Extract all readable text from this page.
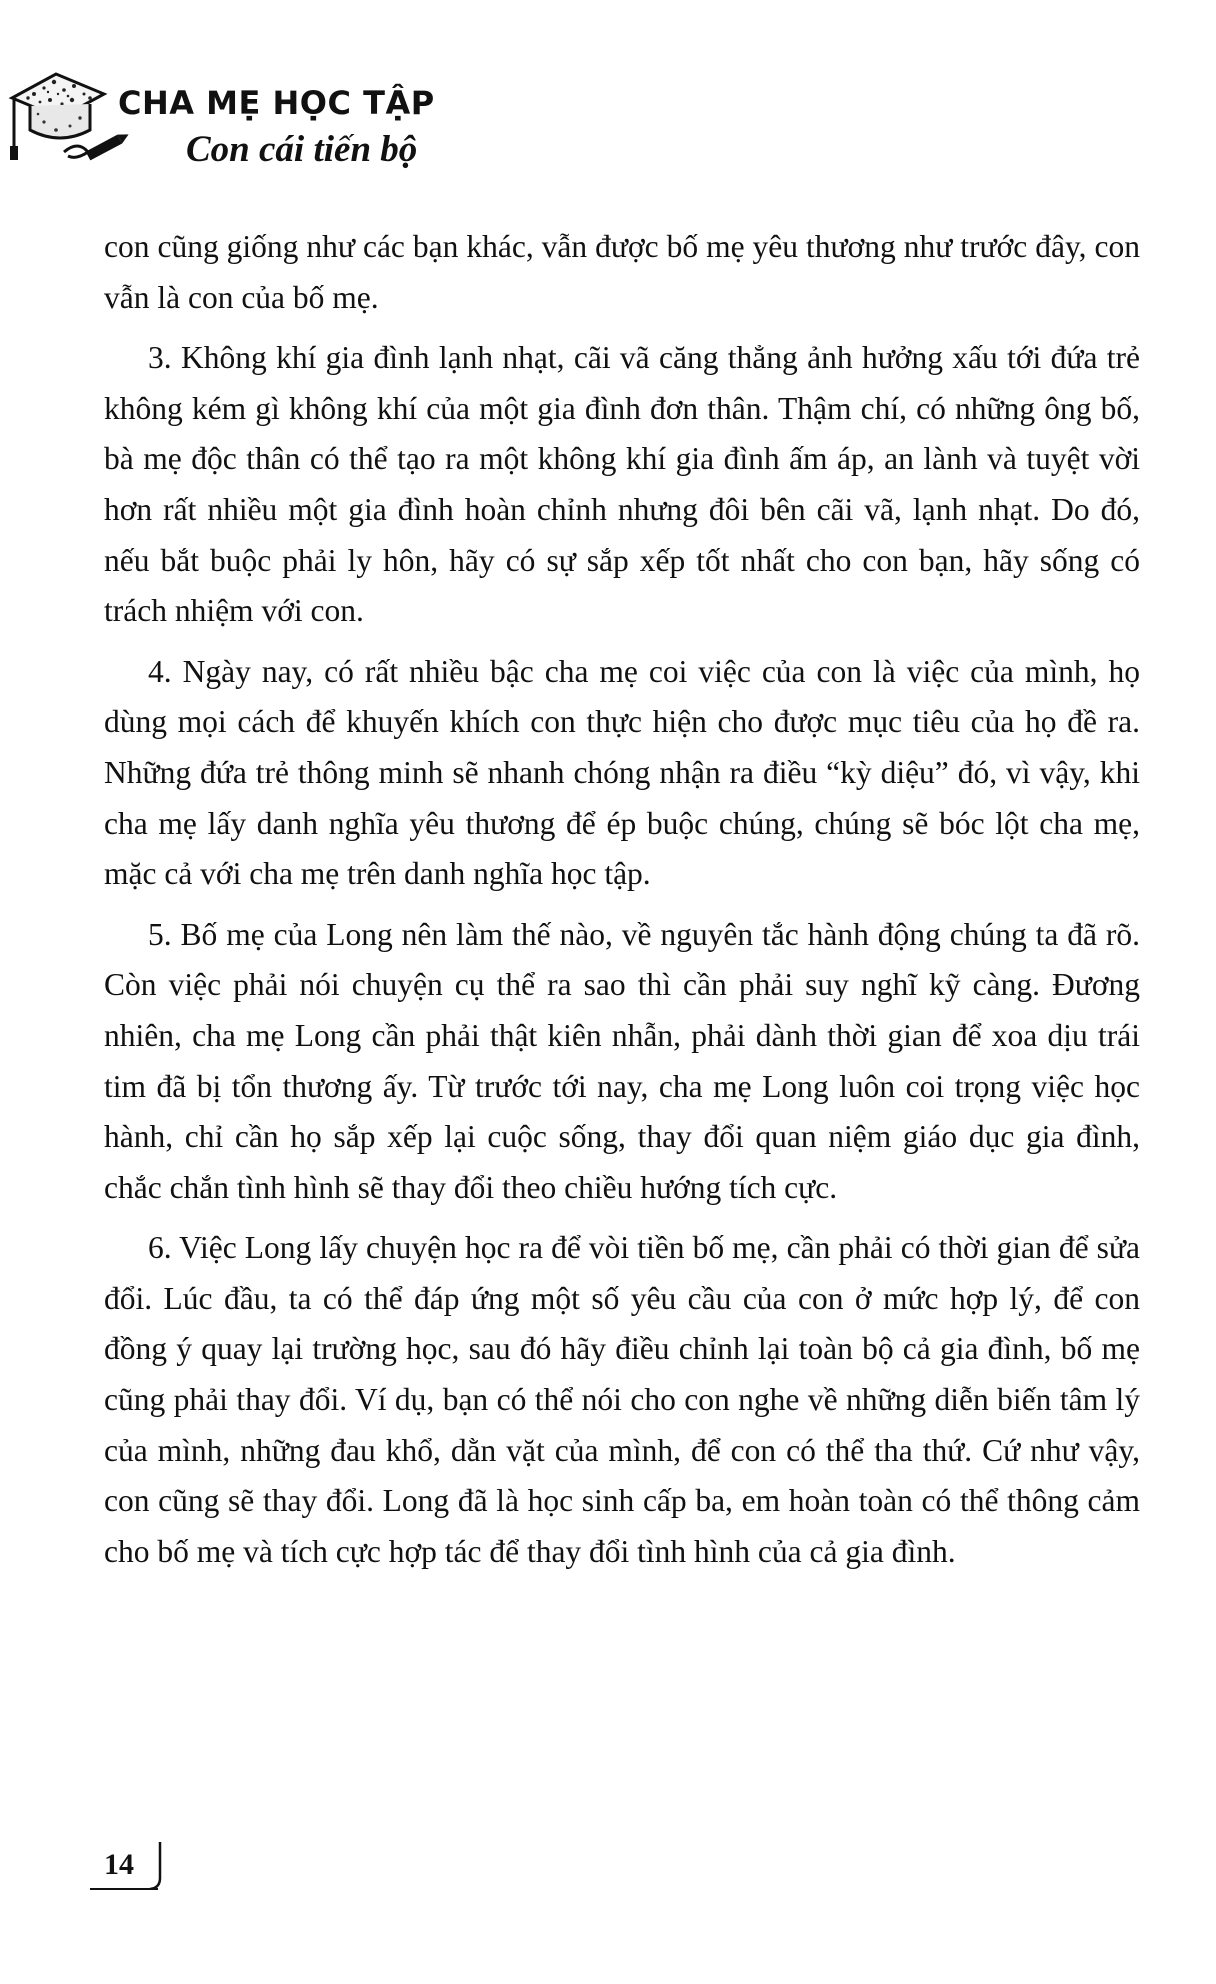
CHA MẸ HỌC TẬP
Con cái tiến bộ

con cũng giống như các bạn khác, vẫn được bố mẹ yêu thương như trước đây, con vẫn là con của bố mẹ.

3. Không khí gia đình lạnh nhạt, cãi vã căng thẳng ảnh hưởng xấu tới đứa trẻ không kém gì không khí của một gia đình đơn thân. Thậm chí, có những ông bố, bà mẹ độc thân có thể tạo ra một không khí gia đình ấm áp, an lành và tuyệt vời hơn rất nhiều một gia đình hoàn chỉnh nhưng đôi bên cãi vã, lạnh nhạt. Do đó, nếu bắt buộc phải ly hôn, hãy có sự sắp xếp tốt nhất cho con bạn, hãy sống có trách nhiệm với con.

4. Ngày nay, có rất nhiều bậc cha mẹ coi việc của con là việc của mình, họ dùng mọi cách để khuyến khích con thực hiện cho được mục tiêu của họ đề ra. Những đứa trẻ thông minh sẽ nhanh chóng nhận ra điều “kỳ diệu” đó, vì vậy, khi cha mẹ lấy danh nghĩa yêu thương để ép buộc chúng, chúng sẽ bóc lột cha mẹ, mặc cả với cha mẹ trên danh nghĩa học tập.

5. Bố mẹ của Long nên làm thế nào, về nguyên tắc hành động chúng ta đã rõ. Còn việc phải nói chuyện cụ thể ra sao thì cần phải suy nghĩ kỹ càng. Đương nhiên, cha mẹ Long cần phải thật kiên nhẫn, phải dành thời gian để xoa dịu trái tim đã bị tổn thương ấy. Từ trước tới nay, cha mẹ Long luôn coi trọng việc học hành, chỉ cần họ sắp xếp lại cuộc sống, thay đổi quan niệm giáo dục gia đình, chắc chắn tình hình sẽ thay đổi theo chiều hướng tích cực.

6. Việc Long lấy chuyện học ra để vòi tiền bố mẹ, cần phải có thời gian để sửa đổi. Lúc đầu, ta có thể đáp ứng một số yêu cầu của con ở mức hợp lý, để con đồng ý quay lại trường học, sau đó hãy điều chỉnh lại toàn bộ cả gia đình, bố mẹ cũng phải thay đổi. Ví dụ, bạn có thể nói cho con nghe về những diễn biến tâm lý của mình, những đau khổ, dằn vặt của mình, để con có thể tha thứ. Cứ như vậy, con cũng sẽ thay đổi. Long đã là học sinh cấp ba, em hoàn toàn có thể thông cảm cho bố mẹ và tích cực hợp tác để thay đổi tình hình của cả gia đình.

14
